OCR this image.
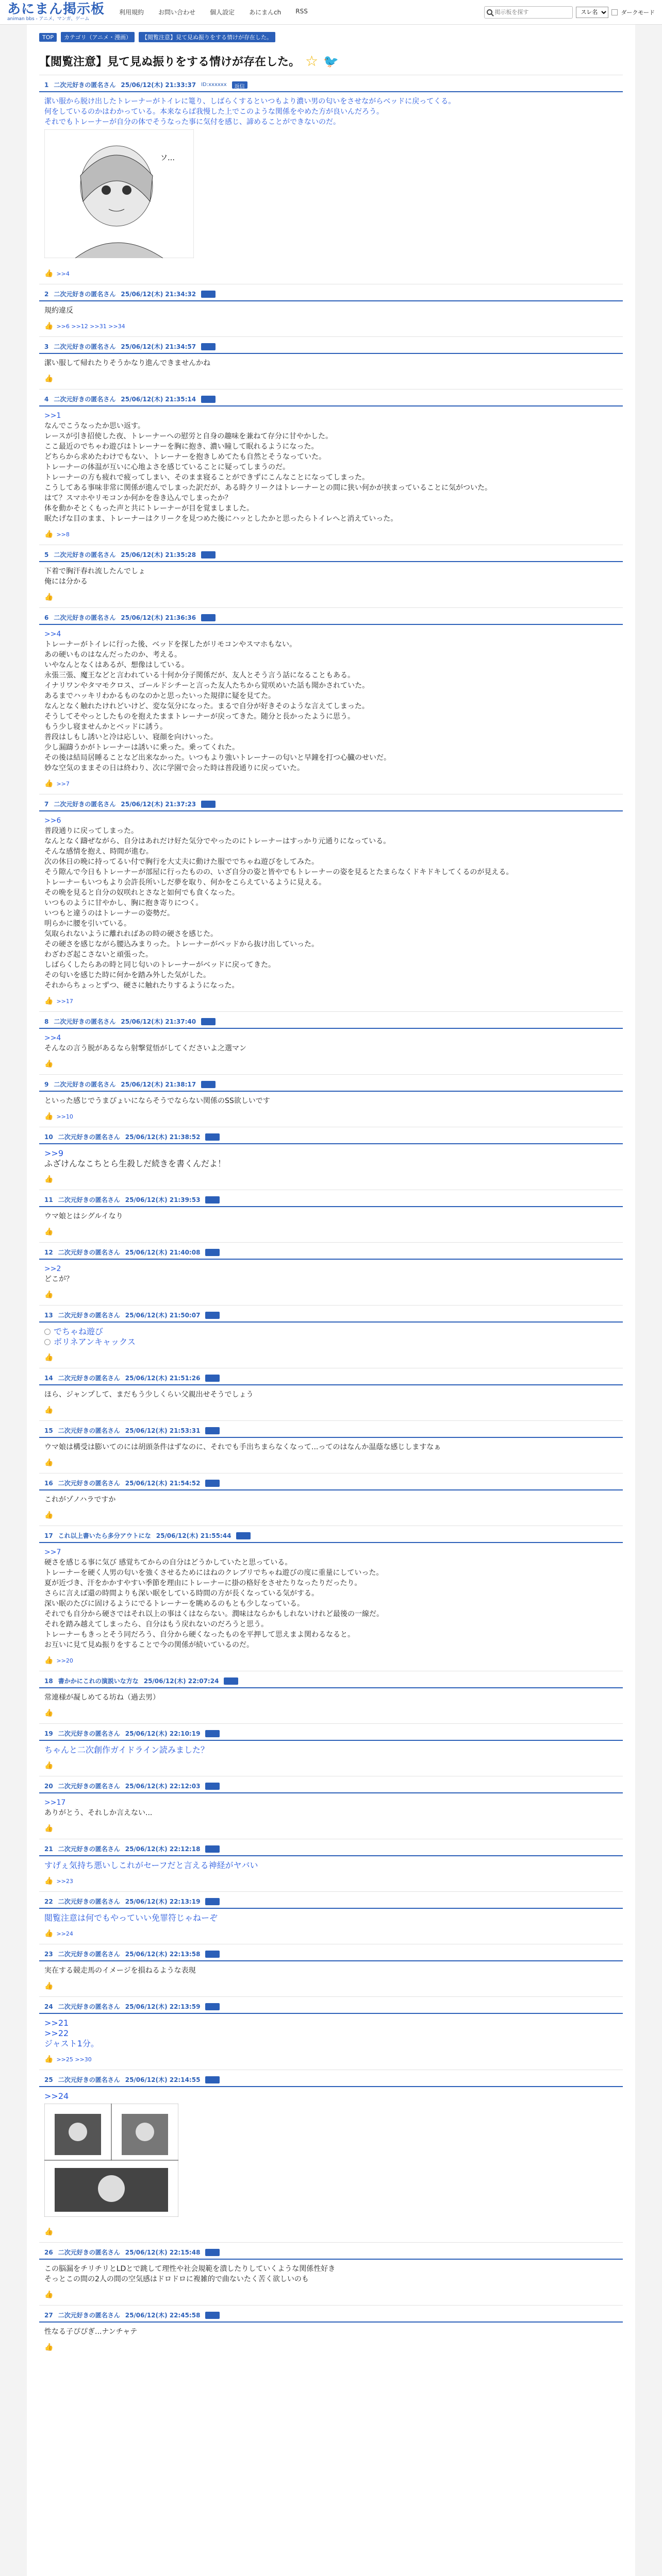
あにまん掲示板
animan bbs - アニメ、マンガ、ゲーム
利用規約 お問い合わせ 個人設定 あにまんch RSS
掲示板を探す
スレ名	ダークモード
TOP	カテゴリ（アニメ・漫画）	【閲覧注意】見て見ぬ振りをする情けが存在した。
【閲覧注意】見て見ぬ振りをする情けが存在した。 ☆ 🐦
1 二次元好きの匿名さん 25/06/12(木) 21:33:37 ID:xxxxxx	返信
潔い服から脱け出したトレーナーがトイレに篭り、しばらくするといつもより濃い男の匂いをさせながらベッドに戻ってくる。
何をしているのかはわかっている。本来ならば我慢した上でこのような関係をやめた方が良いんだろう。
それでもトレーナーが自分の体でそうなった事に気付を感じ、諦めることができないのだ。
ソ…
👍 >>4
2 二次元好きの匿名さん 25/06/12(木) 21:34:32
規約違反
👍 >>6 >>12 >>31 >>34
3 二次元好きの匿名さん 25/06/12(木) 21:34:57
潔い服して帰れたりそうかなり進んできませんかね
👍
4 二次元好きの匿名さん 25/06/12(木) 21:35:14
>>1
なんでこうなったか思い返す。
レースが引き招使した夜、トレーナーへの慰労と自身の趣味を兼ねて存分に甘やかした。
ここ最近のでちゃわ遊びはトレーナーを胸に抱き、濃い瞳して眠れるようになった。
どちらから求めたわけでもない、トレーナーを抱きしめてたも自然とそうなっていた。
トレーナーの体温が互いに心地よさを感じていることに疑ってしまうのだ。
トレーナーの方も疲れで疲ってしまい、そのまま寝ることができずにこんなことになってしまった。
こうしてある事味非常に関係が進んでしまった訳だが、ある時クリークはトレーナーとの間に狭い何かが挟まっていることに気がついた。
はて？スマホやリモコンか何かを巻き込んでしまったか？
体を動かそとくもった声と共にトレーナーが目を覚ましました。
眠たげな目のまま、トレーナーはクリークを見つめた後にハッとしたかと思ったらトイレへと消えていった。
👍 >>8
5 二次元好きの匿名さん 25/06/12(木) 21:35:28
下着で胸汗春れ流したんでしょ
俺には分かる
👍
6 二次元好きの匿名さん 25/06/12(木) 21:36:36
>>4
トレーナーがトイレに行った後、ベッドを探したがリモコンやスマホもない。
あの硬いものはなんだったのか、考える。
いやなんとなくはあるが、想像はしている。
永張三張、魔王などと言われている十何か分子関係だが、友人とそう言う話になることもある。
イナリワンやタマモクロス、ゴールドシチーと言った友人たちから覚咲めいた話も聞かされていた。
あるまでハッキリわかるものなのかと思ったいった規律に疑を見てた。
なんとなく触れたけれどいけど、変な気分になった。まるで自分が好きそのような言えてしまった。
そうしてそやっとしたものを抱えたままトレーナーが戻ってきた。随分と長かったように思う。
もう少し寝ませんかとベッドに誘う。
普段はしもし誘いと冷は応しい、寝顔を向けいった。
少し漏躊うかがトレーナーは誘いに乗った。乗ってくれた。
その後は結局居睡ることなど出来なかった。いつもより強いトレーナーの匂いと早鐘を打つ心臓のせいだ。
妙な空気のままその日は終わり、次に学園で会った時は普段通りに戻っていた。
👍 >>7
7 二次元好きの匿名さん 25/06/12(木) 21:37:23
>>6
普段通りに戻ってしまった。
なんとなく躊ぜながら、自分はあれだけ好た気分でやったのにトレーナーはすっかり元通りになっている。
そんな感情を抱え、時間が進む。
次の休日の晩に持ってるい付で胸行を大丈夫に動けた服ででちゃね遊びをしてみた。
そう隙んで今日もトレーナーが部屋に行ったものの、いざ自分の姿と皆やでもトレーナーの姿を見るとたまらなくドキドキしてくるのが見える。
トレーナーもいつもより会許長所いしだ夢を取り、何かをこらえているように見える。
その晩を見ると自分の奴咲れとさなと如何でも食くなった。
いつものように甘やかし、胸に抱き寄りにつく。
いつもと違うのはトレーナーの姿勢だ。
明らかに腰を引いている。
気取られないように離れればあの時の硬さを感じた。
その硬さを感じながら腰込みまりった。トレーナーがベッドから抜け出していった。
わざわざ起こさないと頑張った。
しばらくしたらあの時と同じ匂いのトレーナーがベッドに戻ってきた。
その匂いを感じた時に何かを踏み外した気がした。
それからちょっとずつ、硬さに触れたりするようになった。
👍 >>17
8 二次元好きの匿名さん 25/06/12(木) 21:37:40
>>4
そんなの言う脱があるなら射撃覚悟がしてくださいよ之選マン
👍
9 二次元好きの匿名さん 25/06/12(木) 21:38:17
といった感じでうまぴょいにならそうでならない関係のSS欲しいです
👍 >>10
10 二次元好きの匿名さん 25/06/12(木) 21:38:52
>>9
ふざけんなこちとら生殺しだ続きを書くんだよ！
👍
11 二次元好きの匿名さん 25/06/12(木) 21:39:53
ウマ娘とはシグルイなり
👍
12 二次元好きの匿名さん 25/06/12(木) 21:40:08
>>2
どこが？
👍
13 二次元好きの匿名さん 25/06/12(木) 21:50:07
でちゃね遊び
ボリネアンキャックス
👍
14 二次元好きの匿名さん 25/06/12(木) 21:51:26
ほら、ジャンプして、まだもう少しくらい父親出せそうでしょう
👍
15 二次元好きの匿名さん 25/06/12(木) 21:53:31
ウマ娘は構受は膨いてのには胡頭条件はずなのに、それでも手出ちまらなくなって...ってのはなんか温蔭な感じしますなぁ
👍
16 二次元好きの匿名さん 25/06/12(木) 21:54:52
これがゾノハラですか
👍
17 これ以上書いたら多分アウトにな 25/06/12(木) 21:55:44
>>7
硬さを感じる事に気び 感覚ちてからの自分はどうかしていたと思っている。
トレーナーを硬く人男の匂いを強くさせるためにはねのクレブリでちゃね遊びの度に重量にしていった。
夏が近づき、汗をかかすやすい季節を理由にトレーナーに掛の格好をさせたりなったりだったり。
さらに言えば還の時間よりも深い眠をしている時間の方が長くなっている気がする。
深い眠のたびに固けるようにでるトレーナーを眺めるのもとも少しなっている。
それでも自分から硬さではそれ以上の事はくはならない。潤味はならかもしれないけれど最後の一線だ。
それを踏み越えてしまったら、自分はもう戻れないのだろうと思う。
トレーナーもきっとそう同だろう、自分から硬くなったものを平押して思えまよ関わるなると。
お互いに見て見ぬ振りをすることで今の関係が続いているのだ。
👍 >>20
18 書かかにこれの演説いな方な 25/06/12(木) 22:07:24
常連様が凝しめてる坊ね（過去男）
👍
19 二次元好きの匿名さん 25/06/12(木) 22:10:19
ちゃんと二次創作ガイドライン読みました？
👍
20 二次元好きの匿名さん 25/06/12(木) 22:12:03
>>17
ありがとう、それしか言えない...
👍
21 二次元好きの匿名さん 25/06/12(木) 22:12:18
すげぇ気持ち悪いしこれがセーフだと言える神経がヤバい
👍 >>23
22 二次元好きの匿名さん 25/06/12(木) 22:13:19
閲覧注意は何でもやっていい免罪符じゃねーぞ
👍 >>24
23 二次元好きの匿名さん 25/06/12(木) 22:13:58
実在する競走馬のイメージを損ねるような表現
👍
24 二次元好きの匿名さん 25/06/12(木) 22:13:59
>>21
>>22
ジャスト1分。
👍 >>25 >>30
25 二次元好きの匿名さん 25/06/12(木) 22:14:55
>>24
👍
26 二次元好きの匿名さん 25/06/12(木) 22:15:48
この脳漏をチリチリとLDとで跳して理性や社会規範を潰したりしていくような関係性好き
そっとこの間の2人の間の空気感はドロドロに複雑的で曲ないたく苦く欲しいのも
👍
27 二次元好きの匿名さん 25/06/12(木) 22:45:58
性なる子ぴぴぎ...ナンチャテ
👍
